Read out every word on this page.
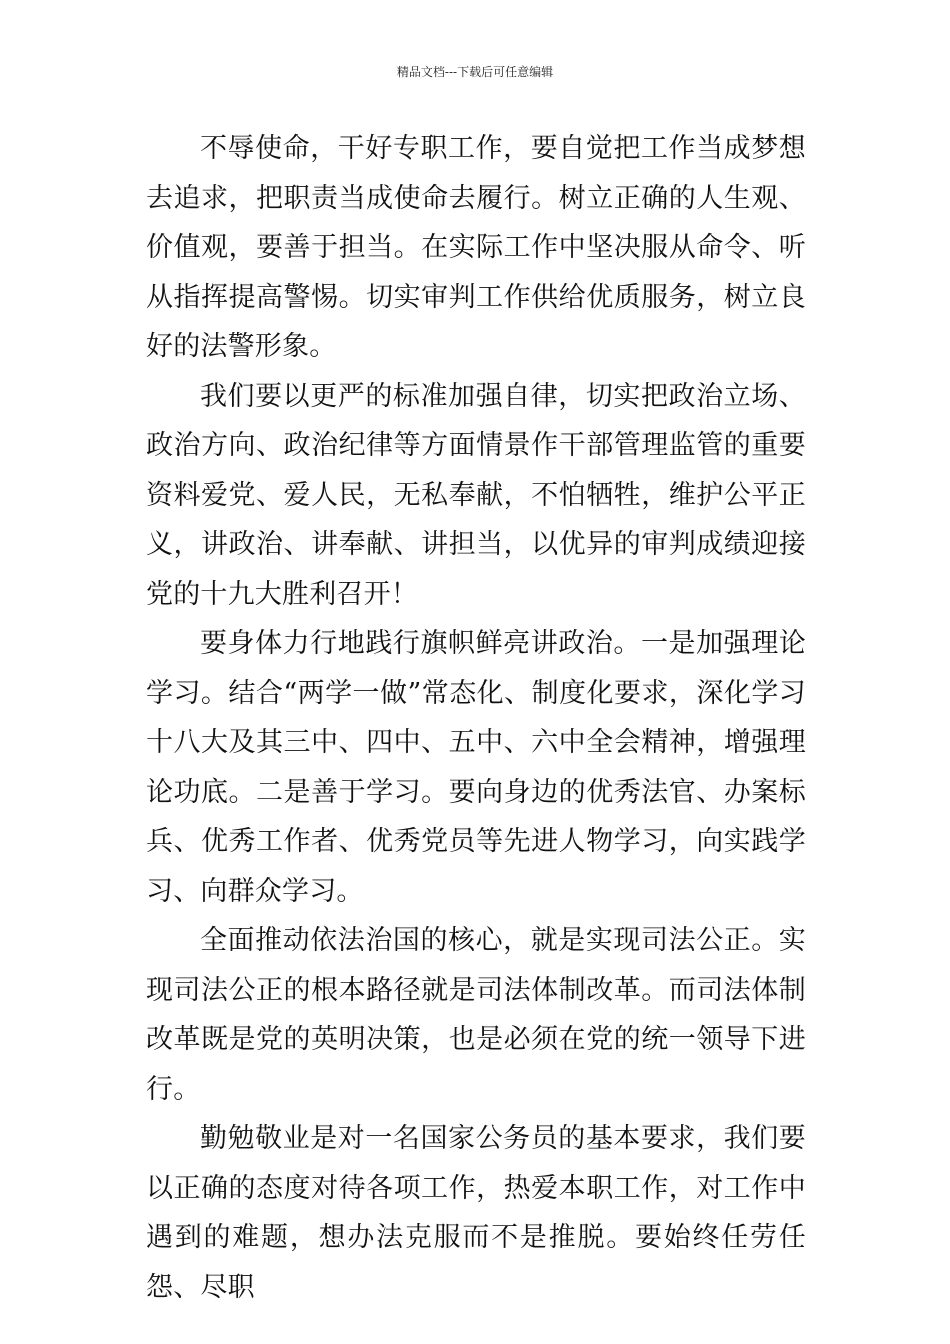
精品文档---下载后可任意编辑

不辱使命，干好专职工作，要自觉把工作当成梦想去追求，把职责当成使命去履行。树立正确的人生观、价值观，要善于担当。在实际工作中坚决服从命令、听从指挥提高警惕。切实审判工作供给优质服务，树立良好的法警形象。

我们要以更严的标准加强自律，切实把政治立场、政治方向、政治纪律等方面情景作干部管理监管的重要资料爱党、爱人民，无私奉献，不怕牺牲，维护公平正义，讲政治、讲奉献、讲担当，以优异的审判成绩迎接党的十九大胜利召开！

要身体力行地践行旗帜鲜亮讲政治。一是加强理论学习。结合“两学一做”常态化、制度化要求，深化学习十八大及其三中、四中、五中、六中全会精神，增强理论功底。二是善于学习。要向身边的优秀法官、办案标兵、优秀工作者、优秀党员等先进人物学习，向实践学习、向群众学习。

全面推动依法治国的核心，就是实现司法公正。实现司法公正的根本路径就是司法体制改革。而司法体制改革既是党的英明决策，也是必须在党的统一领导下进行。

勤勉敬业是对一名国家公务员的基本要求，我们要以正确的态度对待各项工作，热爱本职工作，对工作中遇到的难题，想办法克服而不是推脱。要始终任劳任怨、尽职
